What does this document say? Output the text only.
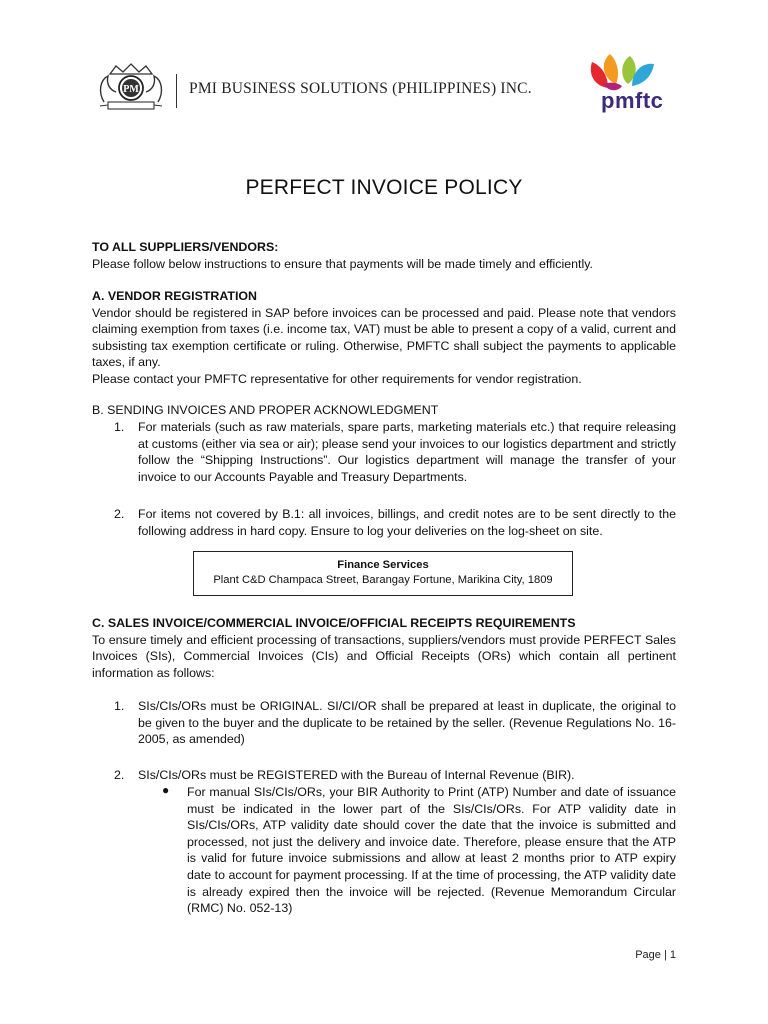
PM	PMI BUSINESS SOLUTIONS (PHILIPPINES) INC.	pmftc
PERFECT INVOICE POLICY

TO ALL SUPPLIERS/VENDORS:

Please follow below instructions to ensure that payments will be made timely and efficiently.

A. VENDOR REGISTRATION

Vendor should be registered in SAP before invoices can be processed and paid. Please note that vendors claiming exemption from taxes (i.e. income tax, VAT) must be able to present a copy of a valid, current and subsisting tax exemption certificate or ruling. Otherwise, PMFTC shall subject the payments to applicable taxes, if any.

Please contact your PMFTC representative for other requirements for vendor registration.

B. SENDING INVOICES AND PROPER ACKNOWLEDGMENT
1. For materials (such as raw materials, spare parts, marketing materials etc.) that require releasing at customs (either via sea or air); please send your invoices to our logistics department and strictly follow the “Shipping Instructions”. Our logistics department will manage the transfer of your invoice to our Accounts Payable and Treasury Departments.
2. For items not covered by B.1: all invoices, billings, and credit notes are to be sent directly to the following address in hard copy. Ensure to log your deliveries on the log-sheet on site.
Finance Services
Plant C&D Champaca Street, Barangay Fortune, Marikina City, 1809

C. SALES INVOICE/COMMERCIAL INVOICE/OFFICIAL RECEIPTS REQUIREMENTS

To ensure timely and efficient processing of transactions, suppliers/vendors must provide PERFECT Sales Invoices (SIs), Commercial Invoices (CIs) and Official Receipts (ORs) which contain all pertinent information as follows:

1. SIs/CIs/ORs must be ORIGINAL. SI/CI/OR shall be prepared at least in duplicate, the original to be given to the buyer and the duplicate to be retained by the seller. (Revenue Regulations No. 16-2005, as amended)
2. SIs/CIs/ORs must be REGISTERED with the Bureau of Internal Revenue (BIR).
● For manual SIs/CIs/ORs, your BIR Authority to Print (ATP) Number and date of issuance must be indicated in the lower part of the SIs/CIs/ORs. For ATP validity date in SIs/CIs/ORs, ATP validity date should cover the date that the invoice is submitted and processed, not just the delivery and invoice date. Therefore, please ensure that the ATP is valid for future invoice submissions and allow at least 2 months prior to ATP expiry date to account for payment processing. If at the time of processing, the ATP validity date is already expired then the invoice will be rejected. (Revenue Memorandum Circular (RMC) No. 052-13)
Page | 1
